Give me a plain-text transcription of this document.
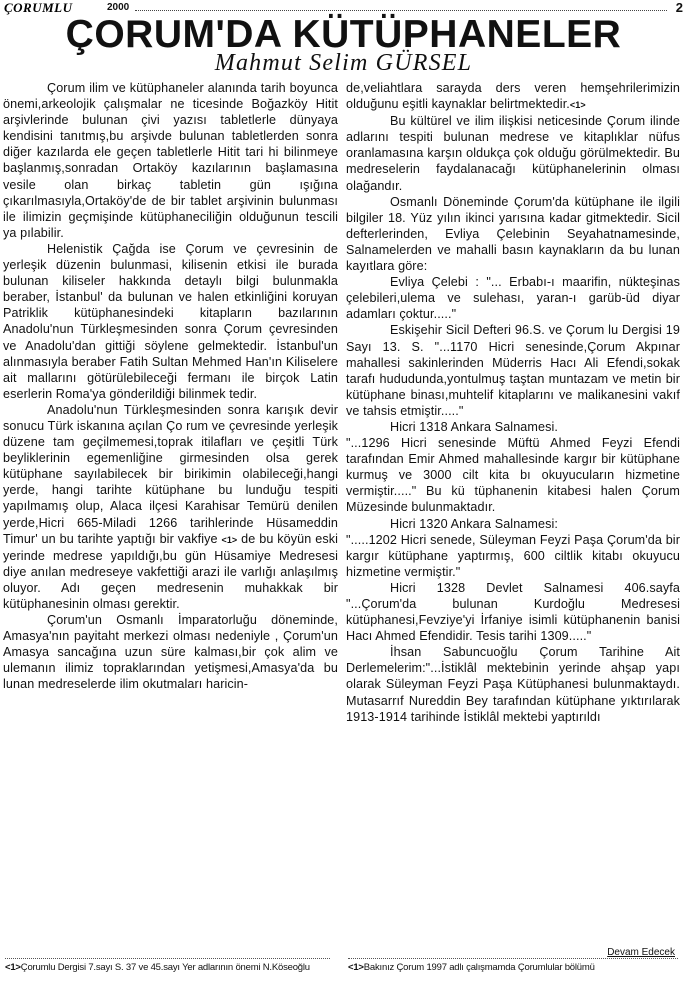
ÇORUMLU	2000	2
ÇORUM'DA KÜTÜPHANELER
Mahmut Selim GÜRSEL

Çorum ilim ve kütüphaneler alanında tarih boyunca önemi,arkeolojik çalışmalar ne ticesinde Boğazköy Hitit arşivlerinde bulunan çivi yazısı tabletlerle dünyaya kendisini tanıtmış,bu arşivde bulunan tabletlerden sonra diğer kazılarda ele geçen tabletlerle Hitit tari hi bilinmeye başlanmış,sonradan Ortaköy kazılarının başlamasına vesile olan birkaç tabletin gün ışığına çıkarılmasıyla,Ortaköy'de de bir tablet arşivinin bulunması ile ilimizin geçmişinde kütüphaneciliğin olduğunun tescili ya pılabilir.

Helenistik Çağda ise Çorum ve çevresinin de yerleşik düzenin bulunmasi, kilisenin etkisi ile burada bulunan kiliseler hakkında detaylı bilgi bulunmakla beraber, İstanbul' da bulunan ve halen etkinliğini koruyan Patriklik kütüphanesindeki kitapların bazılarının Anadolu'nun Türkleşmesinden sonra Çorum çevresinden ve Anadolu'dan gittiği söylene gelmektedir. İstanbul'un alınmasıyla beraber Fatih Sultan Mehmed Han'ın Kiliselere ait mallarını götürülebileceği fermanı ile birçok Latin eserlerin Roma'ya gönderildiği bilinmek tedir.

Anadolu'nun Türkleşmesinden sonra karışık devir sonucu Türk iskanına açılan Ço rum ve çevresinde yerleşik düzene tam geçilmemesi,toprak itilafları ve çeşitli Türk beyliklerinin egemenliğine girmesinden olsa gerek kütüphane sayılabilecek bir birikimin olabileceği,hangi yerde, hangi tarihte kütüphane bu lunduğu tespiti yapılmamış olup, Alaca ilçesi Karahisar Temürü denilen yerde,Hicri 665-Miladi 1266 tarihlerinde Hüsameddin Timur' un bu tarihte yaptığı bir vakfiye <1> de bu köyün eski yerinde medrese yapıldığı,bu gün Hüsamiye Medresesi diye anılan medreseye vakfettiği arazi ile varlığı anlaşılmış oluyor. Adı geçen medresenin muhakkak bir kütüphanesinin olması gerektir.

Çorum'un Osmanlı İmparatorluğu döneminde, Amasya'nın payitaht merkezi olması nedeniyle , Çorum'un Amasya sancağına uzun süre kalması,bir çok alim ve ulemanın ilimiz topraklarından yetişmesi,Amasya'da bu lunan medreselerde ilim okutmaları haricin-

de,veliahtlara sarayda ders veren hemşehrilerimizin olduğunu eşitli kaynaklar belirtmektedir.<1>

Bu kültürel ve ilim ilişkisi neticesinde Çorum ilinde adlarını tespiti bulunan medrese ve kitaplıklar nüfus oranlamasına karşın oldukça çok olduğu görülmektedir. Bu medreselerin faydalanacağı kütüphanelerinin olması olağandır.

Osmanlı Döneminde Çorum'da kütüphane ile ilgili bilgiler 18. Yüz yılın ikinci yarısına kadar gitmektedir. Sicil defterlerinden, Evliya Çelebinin Seyahatnamesinde, Salnamelerden ve mahalli basın kaynakların da bu lunan kayıtlara göre:

Evliya Çelebi : "... Erbabı-ı maarifin, nükteşinas çelebileri,ulema ve sulehası, yaran-ı garüb-üd diyar adamları çoktur....."

Eskişehir Sicil Defteri 96.S. ve Çorum lu Dergisi 19 Sayı 13. S. "...1170 Hicri senesinde,Çorum Akpınar mahallesi sakinlerinden Müderris Hacı Ali Efendi,sokak tarafı hududunda,yontulmuş taştan muntazam ve metin bir kütüphane binası,muhtelif kitaplarını ve malikanesini vakıf ve tahsis etmiştir....."

Hicri 1318 Ankara Salnamesi.

"...1296 Hicri senesinde Müftü Ahmed Feyzi Efendi tarafından Emir Ahmed mahallesinde kargır bir kütüphane kurmuş ve 3000 cilt kita bı okuyucuların hizmetine vermiştir....." Bu kü tüphanenin kitabesi halen Çorum Müzesinde bulunmaktadır.

Hicri 1320 Ankara Salnamesi:

".....1202 Hicri senede, Süleyman Feyzi Paşa Çorum'da bir kargır kütüphane yaptırmış, 600 ciltlik kitabı okuyucu hizmetine vermiştir."

Hicri 1328 Devlet Salnamesi 406.sayfa "...Çorum'da bulunan Kurdoğlu Medresesi kütüphanesi,Fevziye'yi İrfaniye isimli kütüphanenin banisi Hacı Ahmed Efendidir. Tesis tarihi 1309....."

İhsan Sabuncuoğlu Çorum Tarihine Ait Derlemelerim:"...İstiklâl mektebinin yerinde ahşap yapı olarak Süleyman Feyzi Paşa Kütüphanesi bulunmaktaydı. Mutasarrıf Nureddin Bey tarafından kütüphane yıktırılarak 1913-1914 tarihinde İstiklâl mektebi yaptırıldı

Devam Edecek
<1>Çorumlu Dergisi 7.sayı S. 37 ve 45.sayı Yer adlarının önemi N.Köseoğlu	<1>Bakınız Çorum 1997 adlı çalışmamda Çorumlular bölümü
